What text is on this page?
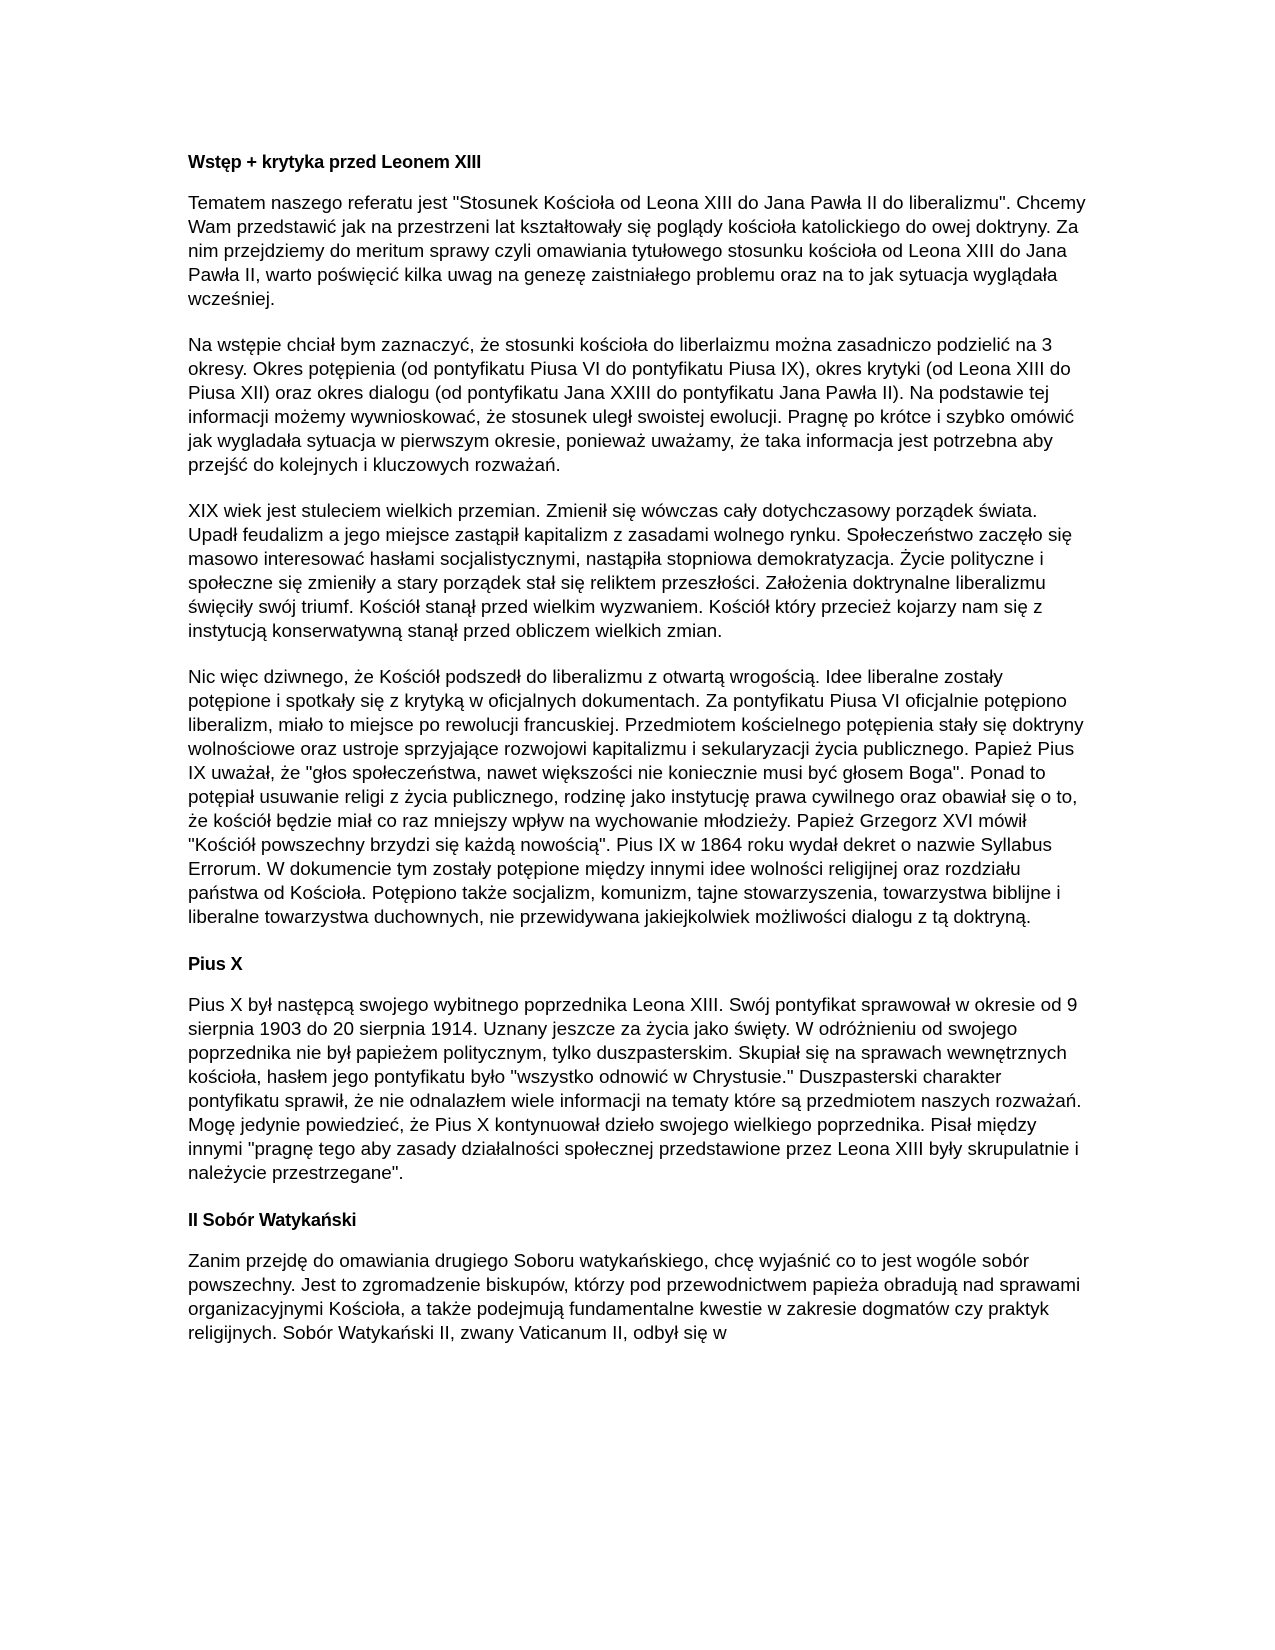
Wstęp + krytyka przed Leonem XIII

Tematem naszego referatu jest "Stosunek Kościoła od Leona XIII do Jana Pawła II do liberalizmu". Chcemy Wam przedstawić jak na przestrzeni lat kształtowały się poglądy kościoła katolickiego do owej doktryny. Za nim przejdziemy do meritum sprawy czyli omawiania tytułowego stosunku kościoła od Leona XIII do Jana Pawła II, warto poświęcić kilka uwag na genezę zaistniałego problemu oraz na to jak sytuacja wyglądała wcześniej.

Na wstępie chciał bym zaznaczyć, że stosunki kościoła do liberlaizmu można zasadniczo podzielić na 3 okresy. Okres potępienia (od pontyfikatu Piusa VI do pontyfikatu Piusa IX), okres krytyki (od Leona XIII do Piusa XII) oraz okres dialogu (od pontyfikatu Jana XXIII do pontyfikatu Jana Pawła II). Na podstawie tej informacji możemy wywnioskować, że stosunek uległ swoistej ewolucji. Pragnę po krótce i szybko omówić jak wygladała sytuacja w pierwszym okresie, ponieważ uważamy, że taka informacja jest potrzebna aby przejść do kolejnych i kluczowych rozważań.

XIX wiek jest stuleciem wielkich przemian. Zmienił się wówczas cały dotychczasowy porządek świata. Upadł feudalizm a jego miejsce zastąpił kapitalizm z zasadami wolnego rynku. Społeczeństwo zaczęło się masowo interesować hasłami socjalistycznymi, nastąpiła stopniowa demokratyzacja. Życie polityczne i społeczne się zmieniły a stary porządek stał się reliktem przeszłości. Założenia doktrynalne liberalizmu święciły swój triumf. Kościół stanął przed wielkim wyzwaniem. Kościół który przecież kojarzy nam się z instytucją konserwatywną stanął przed obliczem wielkich zmian.

Nic więc dziwnego, że Kościół podszedł do liberalizmu z otwartą wrogością. Idee liberalne zostały potępione i spotkały się z krytyką w oficjalnych dokumentach. Za pontyfikatu Piusa VI oficjalnie potępiono liberalizm, miało to miejsce po rewolucji francuskiej. Przedmiotem kościelnego potępienia stały się doktryny wolnościowe oraz ustroje sprzyjające rozwojowi kapitalizmu i sekularyzacji życia publicznego. Papież Pius IX uważał, że "głos społeczeństwa, nawet większości nie koniecznie musi być głosem Boga". Ponad to potępiał usuwanie religi z życia publicznego, rodzinę jako instytucję prawa cywilnego oraz obawiał się o to, że kościół będzie miał co raz mniejszy wpływ na wychowanie młodzieży. Papież Grzegorz XVI mówił "Kościół powszechny brzydzi się każdą nowością". Pius IX w 1864 roku wydał dekret o nazwie Syllabus Errorum. W dokumencie tym zostały potępione między innymi idee wolności religijnej oraz rozdziału państwa od Kościoła. Potępiono także socjalizm, komunizm, tajne stowarzyszenia, towarzystwa biblijne i liberalne towarzystwa duchownych, nie przewidywana jakiejkolwiek możliwości dialogu z tą doktryną.

Pius X

Pius X był następcą swojego wybitnego poprzednika Leona XIII. Swój pontyfikat sprawował w okresie od 9 sierpnia 1903 do 20 sierpnia 1914. Uznany jeszcze za życia jako święty. W odróżnieniu od swojego poprzednika nie był papieżem politycznym, tylko duszpasterskim. Skupiał się na sprawach wewnętrznych kościoła, hasłem jego pontyfikatu było "wszystko odnowić w Chrystusie." Duszpasterski charakter pontyfikatu sprawił, że nie odnalazłem wiele informacji na tematy które są przedmiotem naszych rozważań. Mogę jedynie powiedzieć, że Pius X kontynuował dzieło swojego wielkiego poprzednika. Pisał między innymi "pragnę tego aby zasady działalności społecznej przedstawione przez Leona XIII były skrupulatnie i należycie przestrzegane".

II Sobór Watykański

Zanim przejdę do omawiania drugiego Soboru watykańskiego, chcę wyjaśnić co to jest wogóle sobór powszechny. Jest to zgromadzenie biskupów, którzy pod przewodnictwem papieża obradują nad sprawami organizacyjnymi Kościoła, a także podejmują fundamentalne kwestie w zakresie dogmatów czy praktyk religijnych. Sobór Watykański II, zwany Vaticanum II, odbył się w
